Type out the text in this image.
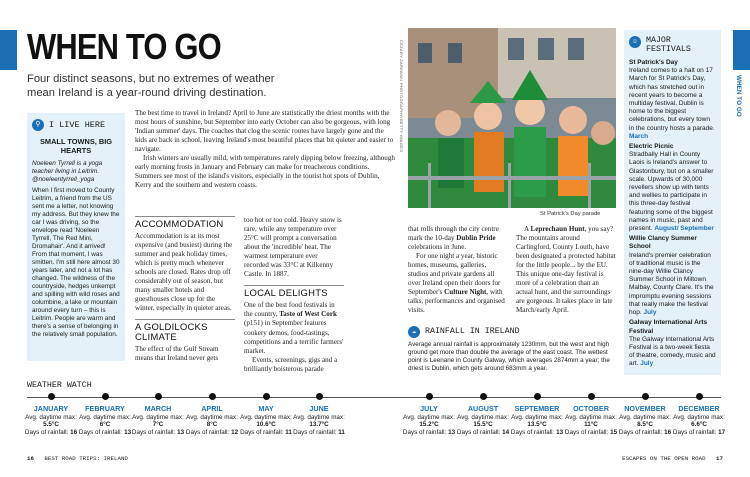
WHEN TO GO
WHEN TO GO

Four distinct seasons, but no extremes of weather mean Ireland is a year-round driving destination.

⚲ I LIVE HERE
SMALL TOWNS, BIG HEARTS
Noeleen Tyrrell is a yoga teacher living in Leitrim. @noeleentyrrell_yoga
When I first moved to County Leitrim, a friend from the US sent me a letter, not knowing my address. But they knew the car I was driving, so the envelope read 'Noeleen Tyrrell, The Red Mini, Dromahair'. And it arrived! From that moment, I was smitten. I'm still here almost 30 years later, and not a lot has changed. The wildness of the countryside, hedges unkempt and spilling with wild roses and columbine, a lake or mountain around every turn – this is Leitrim. People are warm and there's a sense of belonging in the relatively small population.

The best time to travel in Ireland? April to June are statistically the driest months with the most hours of sunshine, but September into early October can also be gorgeous, with long 'Indian summer' days. The coaches that clog the scenic routes have largely gone and the kids are back in school, leaving Ireland's most beautiful places that bit quieter and easier to navigate.

Irish winters are usually mild, with temperatures rarely dipping below freezing, although early morning frosts in January and February can make for treacherous conditions. Summers see most of the island's visitors, especially in the tourist hot spots of Dublin, Kerry and the southern and western coasts.

ACCOMMODATION

Accommodation is at its most expensive (and busiest) during the summer and peak holiday times, which is pretty much whenever schools are closed. Rates drop off considerably out of season, but many smaller hotels and guesthouses close up for the winter, especially in quieter areas.

A GOLDILOCKS CLIMATE

The effect of the Gulf Stream means that Ireland never gets

too hot or too cold. Heavy snow is rare, while any temperature over 25°C will prompt a conversation about the 'incredible' heat. The warmest temperature ever recorded was 33°C at Kilkenny Castle. In 1887.

LOCAL DELIGHTS

One of the best food festivals in the country, Taste of West Cork (p151) in September features cookery demos, food-tastings, competitions and a terrific farmers' market.

Events, screenings, gigs and a brilliantly boisterous parade

that rolls through the city centre mark the 10-day Dublin Pride celebrations in June.

For one night a year, historic homes, museums, galleries, studios and private gardens all over Ireland open their doors for September's Culture Night, with talks, performances and organised visits.

A Leprechaun Hunt, you say? The mountains around Carlingford, County Louth, have been designated a protected habitat for the little people... by the EU. This unique one-day festival is more of a celebration than an actual hunt, and the surroundings are gorgeous. It takes place in late March/early April.

CEZARY ZAREBSKI PHOTOGRAPHY/GETTY IMAGES
St Patrick's Day parade
☁	RAINFALL IN IRELAND
Average annual rainfall is approximately 1230mm, but the west and high ground get more than double the average of the east coast. The wettest point is Leenane in County Galway, which averages 2874mm a year; the driest is Dublin, which gets around 683mm a year.
☺	MAJOR FESTIVALS
St Patrick's Day
Ireland comes to a halt on 17 March for St Patrick's Day, which has stretched out in recent years to become a multiday festival. Dublin is home to the biggest celebrations, but every town in the country hosts a parade. March
Electric Picnic
Stradbally Hall in County Laois is Ireland's answer to Glastonbury, but on a smaller scale. Upwards of 30,000 revellers show up with tents and wellies to participate in this three-day festival featuring some of the biggest names in music, past and present. August/ September
Willie Clancy Summer School
Ireland's premier celebration of traditional music is the nine-day Willie Clancy Summer School in Miltown Malbay, County Clare. It's the impromptu evening sessions that really make the festival hop. July
Galway International Arts Festival
The Galway International Arts Festival is a two-week fiesta of theatre, comedy, music and art. July
WEATHER WATCH
JANUARY
Avg. daytime max: 5.5°C
Days of rainfall: 16
FEBRUARY
Avg. daytime max: 6°C
Days of rainfall: 13
MARCH
Avg. daytime max: 7°C
Days of rainfall: 13
APRIL
Avg. daytime max: 8°C
Days of rainfall: 12
MAY
Avg. daytime max: 10.6°C
Days of rainfall: 11
JUNE
Avg. daytime max: 13.7°C
Days of rainfall: 11
JULY
Avg. daytime max: 15.2°C
Days of rainfall: 13
AUGUST
Avg. daytime max: 15.5°C
Days of rainfall: 14
SEPTEMBER
Avg. daytime max: 13.5°C
Days of rainfall: 13
OCTOBER
Avg. daytime max: 11°C
Days of rainfall: 15
NOVEMBER
Avg. daytime max: 8.5°C
Days of rainfall: 16
DECEMBER
Avg. daytime max: 6.6°C
Days of rainfall: 17
16 BEST ROAD TRIPS: IRELAND	ESCAPES ON THE OPEN ROAD 17
